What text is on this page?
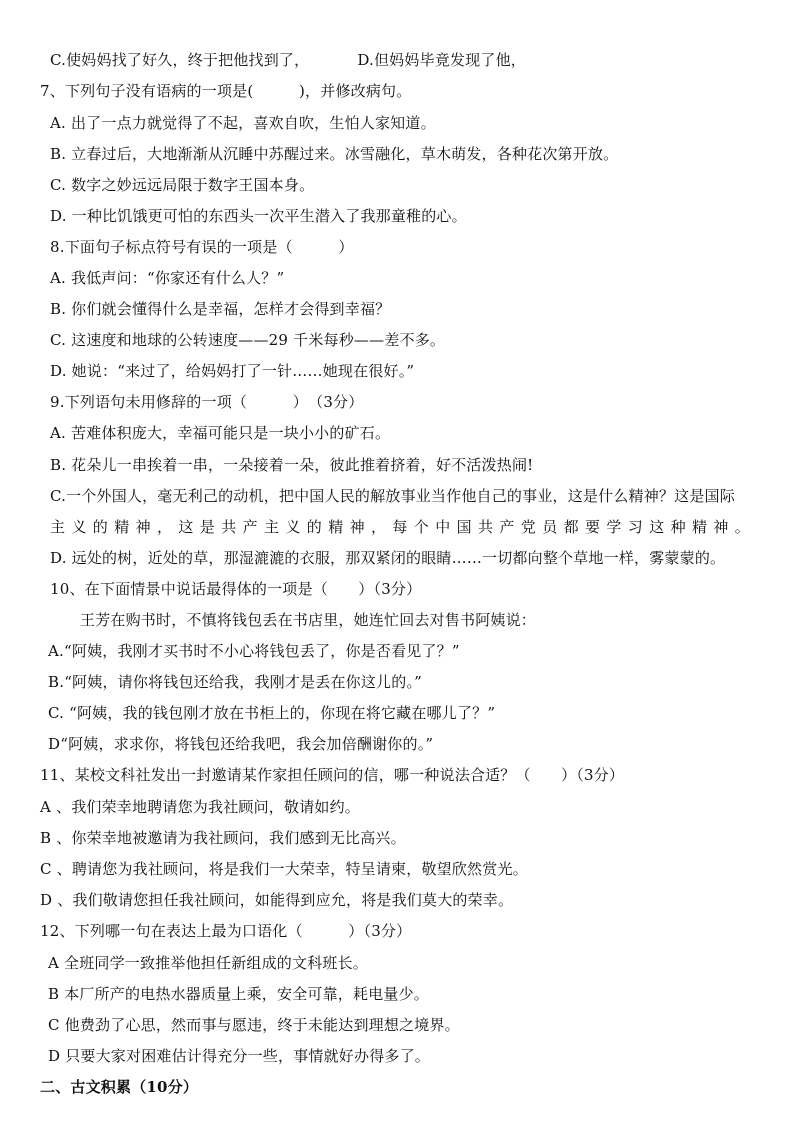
C.使妈妈找了好久，终于把他找到了，	D.但妈妈毕竟发现了他，
7、下列句子没有语病的一项是(　　　)，并修改病句。
A. 出了一点力就觉得了不起，喜欢自吹，生怕人家知道。
B. 立春过后，大地渐渐从沉睡中苏醒过来。冰雪融化，草木萌发，各种花次第开放。
C. 数字之妙远远局限于数字王国本身。
D. 一种比饥饿更可怕的东西头一次平生潜入了我那童稚的心。
8.下面句子标点符号有误的一项是（　　　）
A. 我低声问：“你家还有什么人？”
B. 你们就会懂得什么是幸福，怎样才会得到幸福？
C. 这速度和地球的公转速度——29 千米每秒——差不多。
D. 她说：“来过了，给妈妈打了一针……她现在很好。”
9.下列语句未用修辞的一项（　　　）　（3分）
A. 苦难体积庞大，幸福可能只是一块小小的矿石。
B. 花朵儿一串挨着一串，一朵接着一朵，彼此推着挤着，好不活泼热闹!
C.一个外国人，毫无利己的动机，把中国人民的解放事业当作他自己的事业，这是什么精神？这是国际
主义的精神，这是共产主义的精神，每个中国共产党员都要学习这种精神。
D. 远处的树，近处的草，那湿漉漉的衣服，那双紧闭的眼睛……一切都向整个草地一样，雾蒙蒙的。
10、在下面情景中说话最得体的一项是（　　）（3分）
王芳在购书时，不慎将钱包丢在书店里，她连忙回去对售书阿姨说：
A.“阿姨，我刚才买书时不小心将钱包丢了，你是否看见了？”
B.“阿姨，请你将钱包还给我，我刚才是丢在你这儿的。”
C. “阿姨，我的钱包刚才放在书柜上的，你现在将它藏在哪儿了？”
D“阿姨，求求你，将钱包还给我吧，我会加倍酬谢你的。”
11、某校文科社发出一封邀请某作家担任顾问的信，哪一种说法合适？（　　）（3分）
A 、我们荣幸地聘请您为我社顾问，敬请如约。
B 、你荣幸地被邀请为我社顾问，我们感到无比高兴。
C 、聘请您为我社顾问，将是我们一大荣幸，特呈请柬，敬望欣然赏光。
D 、我们敬请您担任我社顾问，如能得到应允，将是我们莫大的荣幸。
12、下列哪一句在表达上最为口语化（　　　）（3分）
A 全班同学一致推举他担任新组成的文科班长。
B 本厂所产的电热水器质量上乘，安全可靠，耗电量少。
C 他费劲了心思，然而事与愿违，终于未能达到理想之境界。
D 只要大家对困难估计得充分一些，事情就好办得多了。
二、古文积累（10分）
